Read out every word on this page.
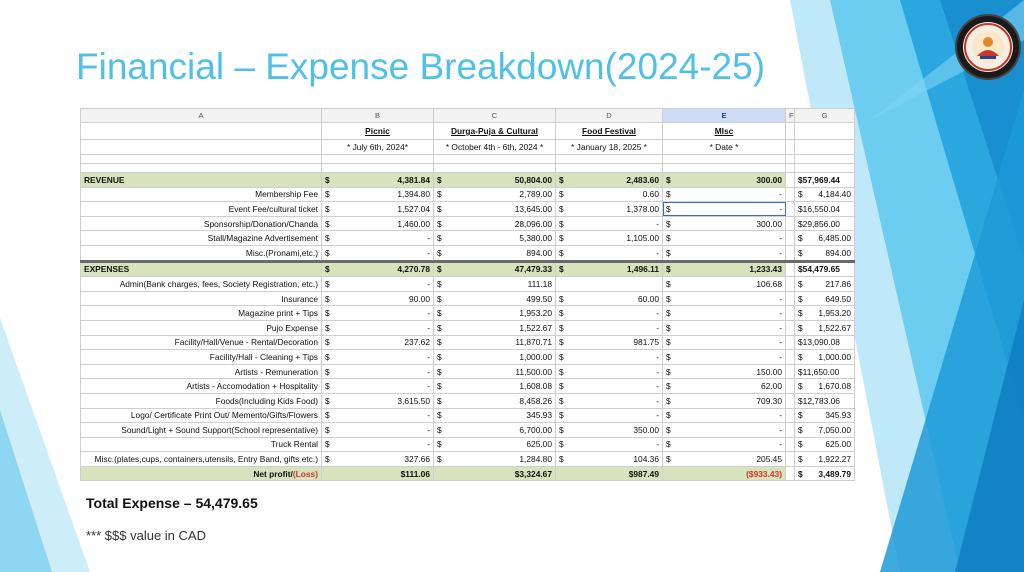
Financial – Expense Breakdown(2024-25)
A	B	C	D	E	F	G
	Picnic	Durga-Puja & Cultural	Food Festival	MIsc		
	* July 6th, 2024*	* October 4th - 6th, 2024 *	* January 18, 2025 *	* Date *		

REVENUE	$ 4,381.84	$ 50,804.00	$ 2,483.60	$ 300.00		$57,969.44

Membership Fee	$ 1,394.80	$ 2,789.00	$ 0.60	$ -		$ 4,184.40

Event Fee/cultural ticket	$ 1,527.04	$ 13,645.00	$ 1,378.00	$ -		$16,550.04

Sponsorship/Donation/Chanda	$ 1,460.00	$ 28,096.00	$ -	$ 300.00		$29,856.00

Stall/Magazine Advertisement	$ -	$ 5,380.00	$ 1,105.00	$ -		$ 6,485.00

Misc.(Pronami,etc.)	$ -	$ 894.00	$ -	$ -		$ 894.00

EXPENSES	$ 4,270.78	$ 47,479.33	$ 1,496.11	$ 1,233.43		$54,479.65

Admin(Bank charges, fees, Society Registration, etc.)	$ -	$ 111.18		$ 106.68		$ 217.86

Insurance	$ 90.00	$ 499.50	$ 60.00	$ -		$ 649.50

Magazine print + Tips	$ -	$ 1,953.20	$ -	$ -		$ 1,953.20

Pujo Expense	$ -	$ 1,522.67	$ -	$ -		$ 1,522.67

Facility/Hall/Venue - Rental/Decoration	$ 237.62	$ 11,870.71	$ 981.75	$ -		$13,090.08

Facility/Hall - Cleaning + Tips	$ -	$ 1,000.00	$ -	$ -		$ 1,000.00

Artists - Remuneration	$ -	$ 11,500.00	$ -	$ 150.00		$11,650.00

Artists - Accomodation + Hospitality	$ -	$ 1,608.08	$ -	$ 62.00		$ 1,670.08

Foods(Including Kids Food)	$ 3,615.50	$ 8,458.26	$ -	$ 709.30		$12,783.06

Logo/ Certificate Print Out/ Memento/Gifts/Flowers	$ -	$ 345.93	$ -	$ -		$ 345.93

Sound/Light + Sound Support(School representative)	$ -	$ 6,700.00	$ 350.00	$ -		$ 7,050.00

Truck Rental	$ -	$ 625.00	$ -	$ -		$ 625.00

Misc.(plates,cups, containers,utensils, Entry Band, gifts etc.)	$ 327.66	$ 1,284.80	$ 104.36	$ 205.45		$ 1,922.27

Net profit/(Loss)	$111.06	$3,324.67	$987.49	($933.43)		$ 3,489.79
Total Expense – 54,479.65
*** $$$ value in CAD
